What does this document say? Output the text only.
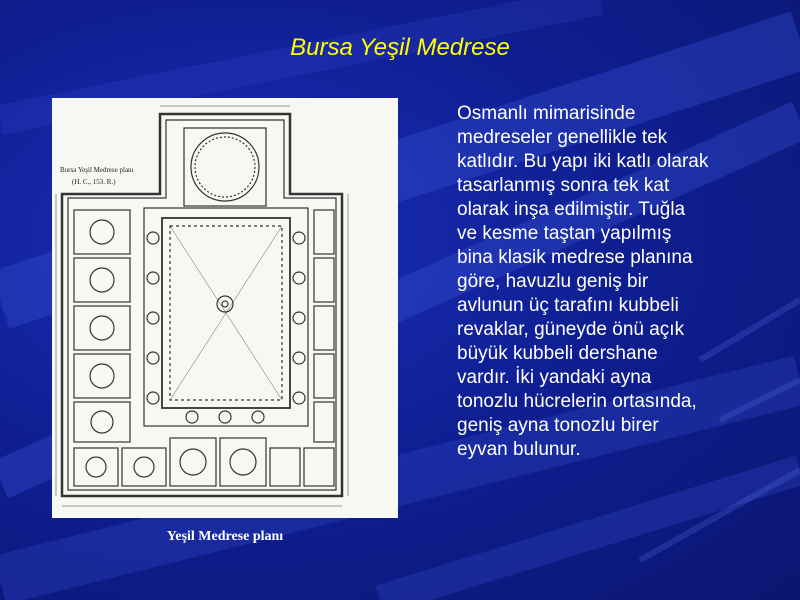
Bursa Yeşil Medrese
Bursa Yeşil Medrese planı
(H. C., 153. R.)
Yeşil Medrese planı
Osmanlı mimarisinde
medreseler genellikle tek
katlıdır. Bu yapı iki katlı olarak
tasarlanmış sonra tek kat
olarak inşa edilmiştir. Tuğla
ve kesme taştan yapılmış
bina klasik medrese planına
göre, havuzlu geniş bir
avlunun üç tarafını kubbeli
revaklar, güneyde önü açık
büyük kubbeli dershane
vardır. İki yandaki ayna
tonozlu hücrelerin ortasında,
geniş ayna tonozlu birer
eyvan bulunur.
